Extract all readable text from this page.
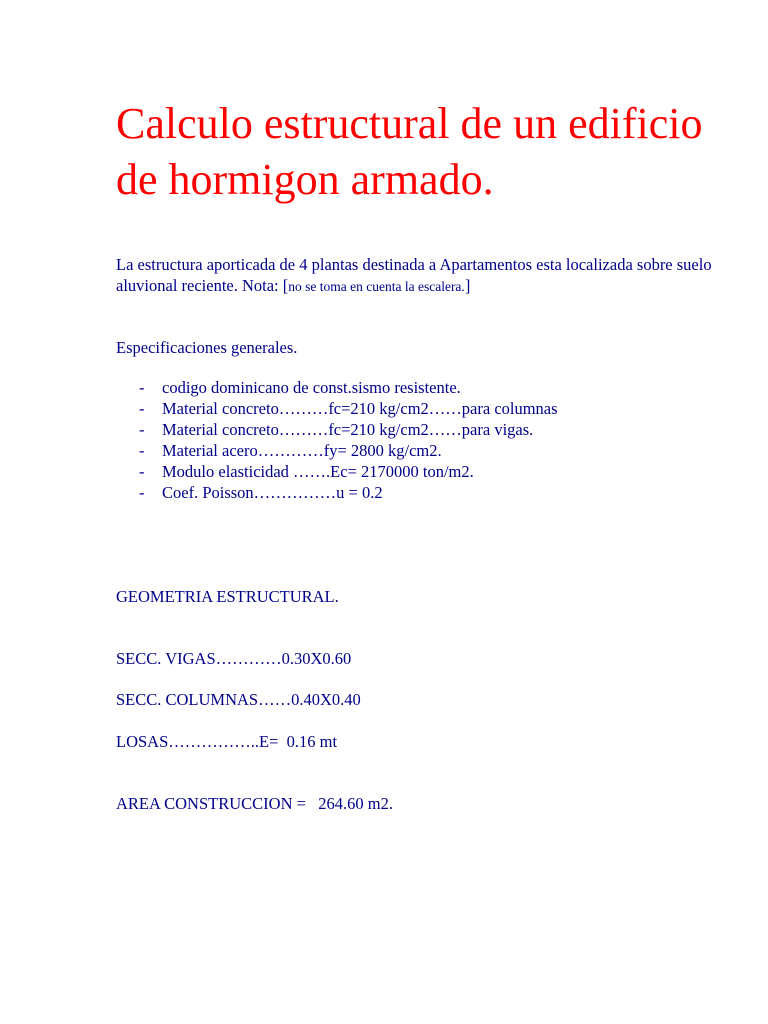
Calculo estructural de un edificio de hormigon armado.

La estructura aporticada de 4 plantas destinada a Apartamentos esta localizada sobre suelo aluvional reciente. Nota: [no se toma en cuenta la escalera.]

Especificaciones generales.

-	codigo dominicano de const.sismo resistente.
-	Material concreto………fc=210 kg/cm2……para columnas
-	Material concreto………fc=210 kg/cm2……para vigas.
-	Material acero…………fy= 2800 kg/cm2.
-	Modulo elasticidad …….Ec= 2170000 ton/m2.
-	Coef. Poisson……………u = 0.2

GEOMETRIA ESTRUCTURAL.

SECC. VIGAS…………0.30X0.60

SECC. COLUMNAS……0.40X0.40

LOSAS……………..E=  0.16 mt

AREA CONSTRUCCION =   264.60 m2.
